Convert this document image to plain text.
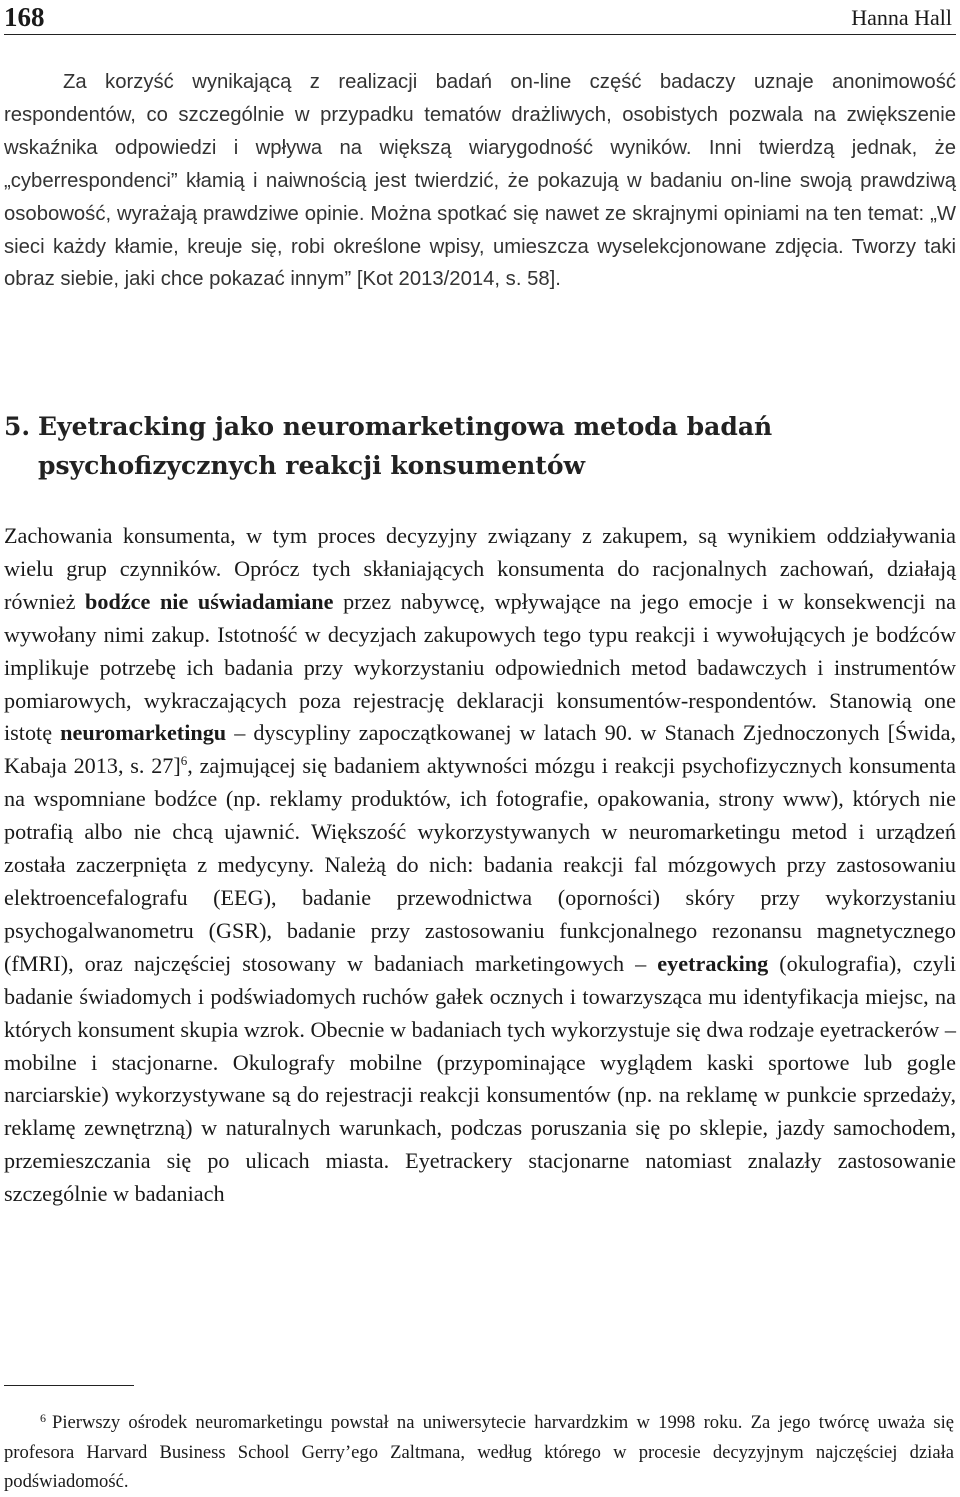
168	Hanna Hall

Za korzyść wynikającą z realizacji badań on-line część badaczy uznaje anonimowość respondentów, co szczególnie w przypadku tematów drażliwych, osobistych pozwala na zwiększenie wskaźnika odpowiedzi i wpływa na większą wiarygodność wyników. Inni twierdzą jednak, że „cyberrespondenci” kłamią i naiwnością jest twierdzić, że pokazują w badaniu on-line swoją prawdziwą osobowość, wyrażają prawdziwe opinie. Można spotkać się nawet ze skrajnymi opiniami na ten temat: „W sieci każdy kłamie, kreuje się, robi określone wpisy, umieszcza wyselekcjonowane zdjęcia. Tworzy taki obraz siebie, jaki chce pokazać innym” [Kot 2013/2014, s. 58].

5. Eyetracking jako neuromarketingowa metoda badań
psychofizycznych reakcji konsumentów

Zachowania konsumenta, w tym proces decyzyjny związany z zakupem, są wynikiem oddziaływania wielu grup czynników. Oprócz tych skłaniających konsumenta do racjonalnych zachowań, działają również bodźce nie uświadamiane przez nabywcę, wpływające na jego emocje i w konsekwencji na wywołany nimi zakup. Istotność w decyzjach zakupowych tego typu reakcji i wywołujących je bodźców implikuje potrzebę ich badania przy wykorzystaniu odpowiednich metod badawczych i instrumentów pomiarowych, wykraczających poza rejestrację deklaracji konsumentów-respondentów. Stanowią one istotę neuromarketingu – dyscypliny zapoczątkowanej w latach 90. w Stanach Zjednoczonych [Świda, Kabaja 2013, s. 27]$^6$, zajmującej się badaniem aktywności mózgu i reakcji psychofizycznych konsumenta na wspomniane bodźce (np. reklamy produktów, ich fotografie, opakowania, strony www), których nie potrafią albo nie chcą ujawnić. Większość wykorzystywanych w neuromarketingu metod i urządzeń została zaczerpnięta z medycyny. Należą do nich: badania reakcji fal mózgowych przy zastosowaniu elektroencefalografu (EEG), badanie przewodnictwa (oporności) skóry przy wykorzystaniu psychogalwanometru (GSR), badanie przy zastosowaniu funkcjonalnego rezonansu magnetycznego (fMRI), oraz najczęściej stosowany w badaniach marketingowych – eyetracking (okulografia), czyli badanie świadomych i podświadomych ruchów gałek ocznych i towarzysząca mu identyfikacja miejsc, na których konsument skupia wzrok. Obecnie w badaniach tych wykorzystuje się dwa rodzaje eyetrackerów – mobilne i stacjonarne. Okulografy mobilne (przypominające wyglądem kaski sportowe lub gogle narciarskie) wykorzystywane są do rejestracji reakcji konsumentów (np. na reklamę w punkcie sprzedaży, reklamę zewnętrzną) w naturalnych warunkach, podczas poruszania się po sklepie, jazdy samochodem, przemieszczania się po ulicach miasta. Eyetrackery stacjonarne natomiast znalazły zastosowanie szczególnie w badaniach

$^6$ Pierwszy ośrodek neuromarketingu powstał na uniwersytecie harvardzkim w 1998 roku. Za jego twórcę uważa się profesora Harvard Business School Gerry’ego Zaltmana, według którego w procesie decyzyjnym najczęściej działa podświadomość.
